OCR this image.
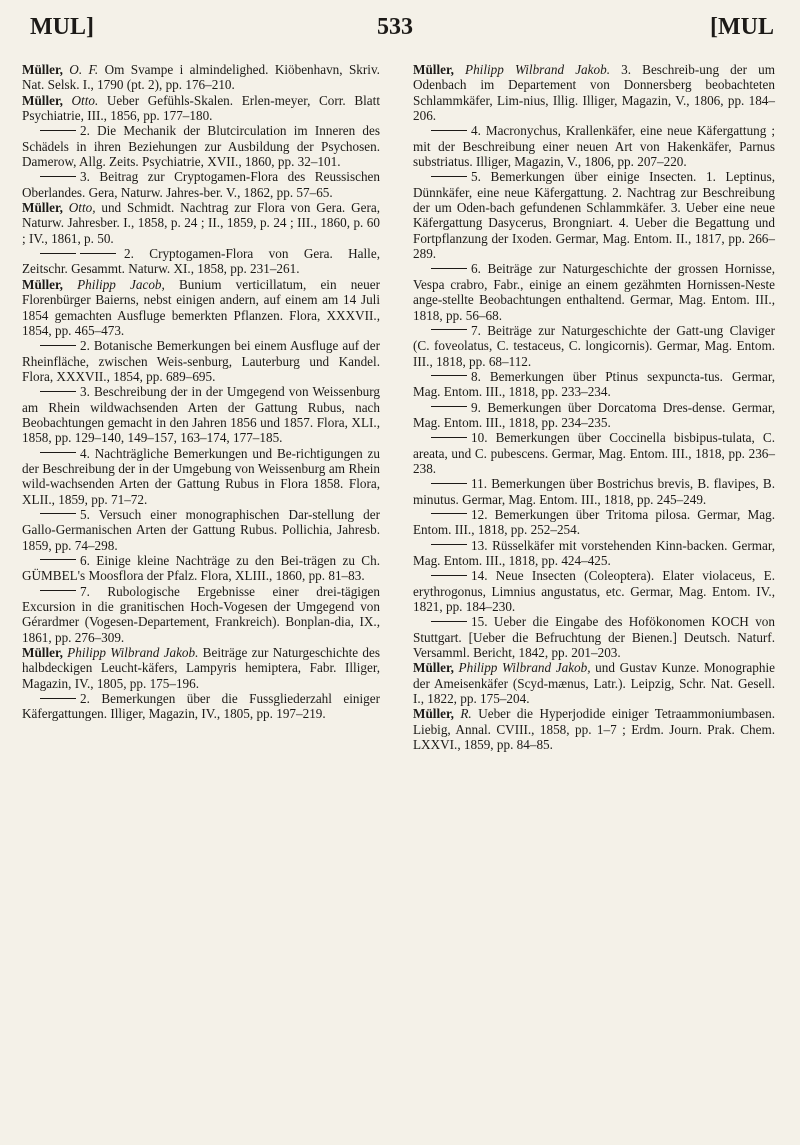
MUL]	533	[MUL

Müller, O. F. Om Svampe i almindelighed. Kiöbenhavn, Skriv. Nat. Selsk. I., 1790 (pt. 2), pp. 176–210.

Müller, Otto. Ueber Gefühls-Skalen. Erlen-meyer, Corr. Blatt Psychiatrie, III., 1856, pp. 177–180.

2. Die Mechanik der Blutcirculation im Inneren des Schädels in ihren Beziehungen zur Ausbildung der Psychosen. Damerow, Allg. Zeits. Psychiatrie, XVII., 1860, pp. 32–101.

3. Beitrag zur Cryptogamen-Flora des Reussischen Oberlandes. Gera, Naturw. Jahres-ber. V., 1862, pp. 57–65.

Müller, Otto, und Schmidt. Nachtrag zur Flora von Gera. Gera, Naturw. Jahresber. I., 1858, p. 24 ; II., 1859, p. 24 ; III., 1860, p. 60 ; IV., 1861, p. 50.

2. Cryptogamen-Flora von Gera. Halle, Zeitschr. Gesammt. Naturw. XI., 1858, pp. 231–261.

Müller, Philipp Jacob, Bunium verticillatum, ein neuer Florenbürger Baierns, nebst einigen andern, auf einem am 14 Juli 1854 gemachten Ausfluge bemerkten Pflanzen. Flora, XXXVII., 1854, pp. 465–473.

2. Botanische Bemerkungen bei einem Ausfluge auf der Rheinfläche, zwischen Weis-senburg, Lauterburg und Kandel. Flora, XXXVII., 1854, pp. 689–695.

3. Beschreibung der in der Umgegend von Weissenburg am Rhein wildwachsenden Arten der Gattung Rubus, nach Beobachtungen gemacht in den Jahren 1856 und 1857. Flora, XLI., 1858, pp. 129–140, 149–157, 163–174, 177–185.

4. Nachträgliche Bemerkungen und Be-richtigungen zu der Beschreibung der in der Umgebung von Weissenburg am Rhein wild-wachsenden Arten der Gattung Rubus in Flora 1858. Flora, XLII., 1859, pp. 71–72.

5. Versuch einer monographischen Dar-stellung der Gallo-Germanischen Arten der Gattung Rubus. Pollichia, Jahresb. 1859, pp. 74–298.

6. Einige kleine Nachträge zu den Bei-trägen zu Ch. GÜMBEL's Moosflora der Pfalz. Flora, XLIII., 1860, pp. 81–83.

7. Rubologische Ergebnisse einer drei-tägigen Excursion in die granitischen Hoch-Vogesen der Umgegend von Gérardmer (Vogesen-Departement, Frankreich). Bonplan-dia, IX., 1861, pp. 276–309.

Müller, Philipp Wilbrand Jakob. Beiträge zur Naturgeschichte des halbdeckigen Leucht-käfers, Lampyris hemiptera, Fabr. Illiger, Magazin, IV., 1805, pp. 175–196.

2. Bemerkungen über die Fussgliederzahl einiger Käfergattungen. Illiger, Magazin, IV., 1805, pp. 197–219.

Müller, Philipp Wilbrand Jakob. 3. Beschreib-ung der um Odenbach im Departement von Donnersberg beobachteten Schlammkäfer, Lim-nius, Illig. Illiger, Magazin, V., 1806, pp. 184–206.

4. Macronychus, Krallenkäfer, eine neue Käfergattung ; mit der Beschreibung einer neuen Art von Hakenkäfer, Parnus substriatus. Illiger, Magazin, V., 1806, pp. 207–220.

5. Bemerkungen über einige Insecten. 1. Leptinus, Dünnkäfer, eine neue Käfergattung. 2. Nachtrag zur Beschreibung der um Oden-bach gefundenen Schlammkäfer. 3. Ueber eine neue Käfergattung Dasycerus, Brongniart. 4. Ueber die Begattung und Fortpflanzung der Ixoden. Germar, Mag. Entom. II., 1817, pp. 266–289.

6. Beiträge zur Naturgeschichte der grossen Hornisse, Vespa crabro, Fabr., einige an einem gezähmten Hornissen-Neste ange-stellte Beobachtungen enthaltend. Germar, Mag. Entom. III., 1818, pp. 56–68.

7. Beiträge zur Naturgeschichte der Gatt-ung Claviger (C. foveolatus, C. testaceus, C. longicornis). Germar, Mag. Entom. III., 1818, pp. 68–112.

8. Bemerkungen über Ptinus sexpuncta-tus. Germar, Mag. Entom. III., 1818, pp. 233–234.

9. Bemerkungen über Dorcatoma Dres-dense. Germar, Mag. Entom. III., 1818, pp. 234–235.

10. Bemerkungen über Coccinella bisbipus-tulata, C. areata, und C. pubescens. Germar, Mag. Entom. III., 1818, pp. 236–238.

11. Bemerkungen über Bostrichus brevis, B. flavipes, B. minutus. Germar, Mag. Entom. III., 1818, pp. 245–249.

12. Bemerkungen über Tritoma pilosa. Germar, Mag. Entom. III., 1818, pp. 252–254.

13. Rüsselkäfer mit vorstehenden Kinn-backen. Germar, Mag. Entom. III., 1818, pp. 424–425.

14. Neue Insecten (Coleoptera). Elater violaceus, E. erythrogonus, Limnius angustatus, etc. Germar, Mag. Entom. IV., 1821, pp. 184–230.

15. Ueber die Eingabe des Hofökonomen KOCH von Stuttgart. [Ueber die Befruchtung der Bienen.] Deutsch. Naturf. Versamml. Bericht, 1842, pp. 201–203.

Müller, Philipp Wilbrand Jakob, und Gustav Kunze. Monographie der Ameisenkäfer (Scyd-mænus, Latr.). Leipzig, Schr. Nat. Gesell. I., 1822, pp. 175–204.

Müller, R. Ueber die Hyperjodide einiger Tetraammoniumbasen. Liebig, Annal. CVIII., 1858, pp. 1–7 ; Erdm. Journ. Prak. Chem. LXXVI., 1859, pp. 84–85.
